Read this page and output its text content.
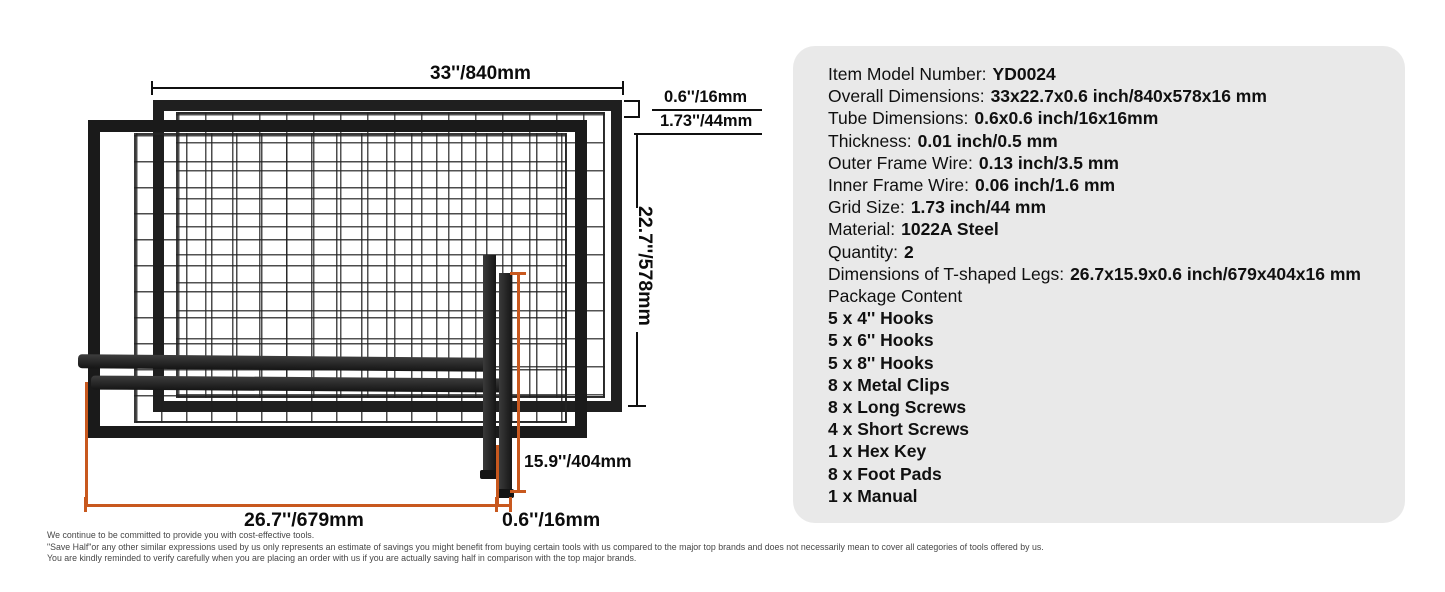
33''/840mm
0.6''/16mm
1.73''/44mm
22.7''/578mm
15.9''/404mm
26.7''/679mm	0.6''/16mm
Item Model Number: YD0024
Overall Dimensions: 33x22.7x0.6 inch/840x578x16 mm
Tube Dimensions: 0.6x0.6 inch/16x16mm
Thickness: 0.01 inch/0.5 mm
Outer Frame Wire: 0.13 inch/3.5 mm
Inner Frame Wire: 0.06 inch/1.6 mm
Grid Size: 1.73 inch/44 mm
Material: 1022A Steel
Quantity: 2
Dimensions of T-shaped Legs: 26.7x15.9x0.6 inch/679x404x16 mm
Package Content
5 x 4'' Hooks
5 x 6'' Hooks
5 x 8'' Hooks
8 x Metal Clips
8 x Long Screws
4 x Short Screws
1 x Hex Key
8 x Foot Pads
1 x Manual
We continue to be committed to provide you with cost-effective tools.
"Save Half"or any other similar expressions used by us only represents an estimate of savings you might benefit from buying certain tools with us compared to the major top brands and does not necessarily mean to cover all categories of tools offered by us.
You are kindly reminded to verify carefully when you are placing an order with us if you are actually saving half in comparison with the top major brands.
